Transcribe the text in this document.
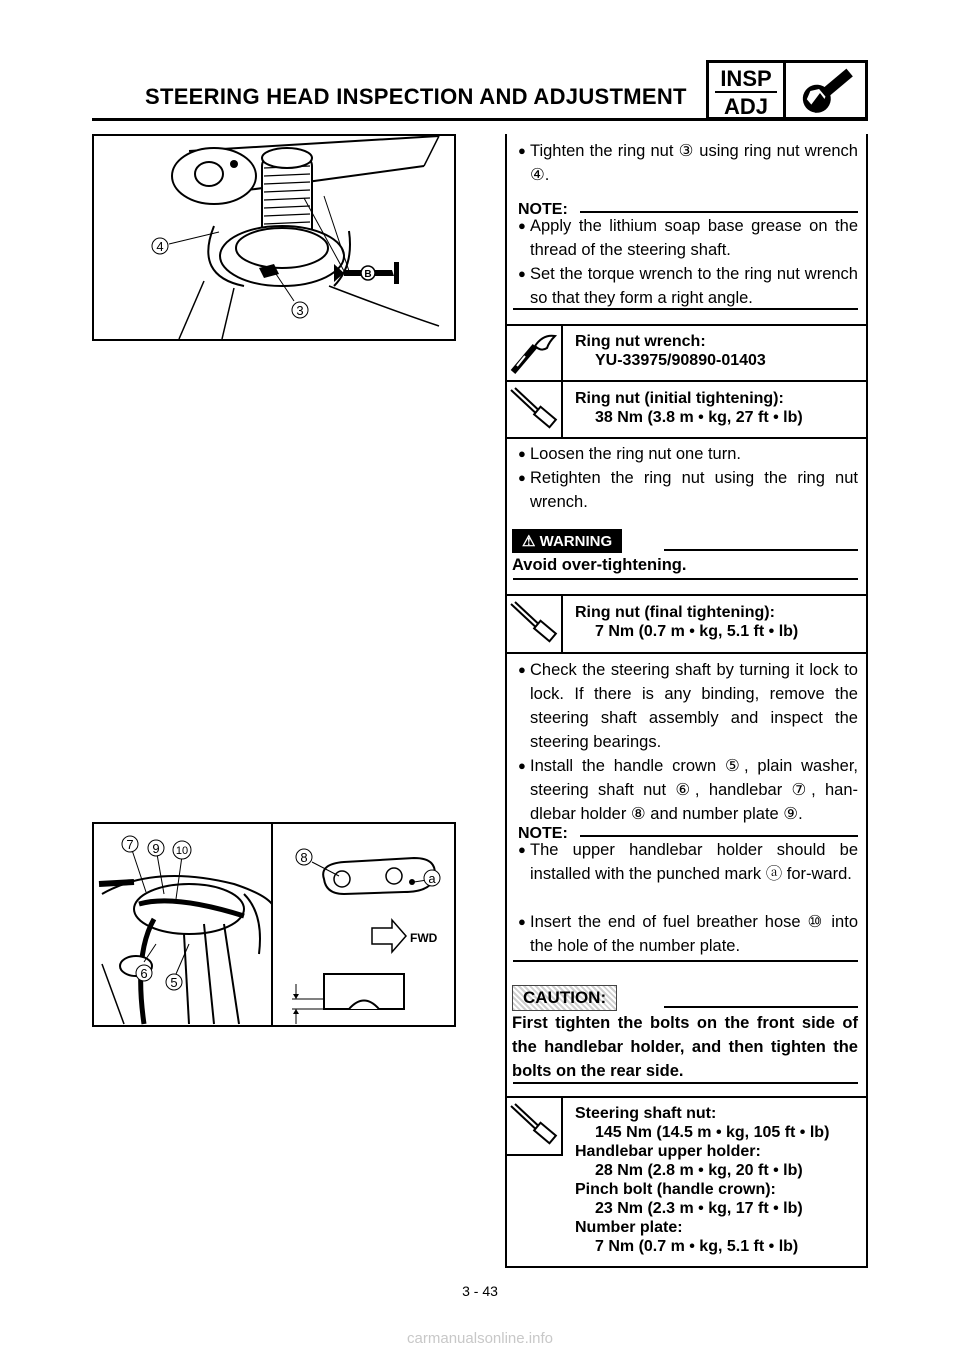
STEERING HEAD INSPECTION AND ADJUSTMENT
INSP
ADJ
B
4
3
7 9 10
6
5
8
a
FWD
● Tighten the ring nut ③ using ring nut wrench ④.
NOTE:
● Apply the lithium soap base grease on the thread of the steering shaft.
● Set the torque wrench to the ring nut wrench so that they form a right angle.
Ring nut wrench:
YU-33975/90890-01403
Ring nut (initial tightening):
38 Nm (3.8 m • kg, 27 ft • lb)
● Loosen the ring nut one turn.
● Retighten the ring nut using the ring nut wrench.
⚠ WARNING
Avoid over-tightening.
Ring nut (final tightening):
7 Nm (0.7 m • kg, 5.1 ft • lb)
● Check the steering shaft by turning it lock to lock. If there is any binding, remove the steering shaft assembly and inspect the steering bearings.
● Install the handle crown ⑤, plain washer, steering shaft nut ⑥, handlebar ⑦, han-dlebar holder ⑧ and number plate ⑨.
NOTE:
● The upper handlebar holder should be installed with the punched mark ⓐ for-ward.
● Insert the end of fuel breather hose ⑩ into the hole of the number plate.
CAUTION:
First tighten the bolts on the front side of the handlebar holder, and then tighten the bolts on the rear side.
Steering shaft nut:
145 Nm (14.5 m • kg, 105 ft • lb)
Handlebar upper holder:
28 Nm (2.8 m • kg, 20 ft • lb)
Pinch bolt (handle crown):
23 Nm (2.3 m • kg, 17 ft • lb)
Number plate:
7 Nm (0.7 m • kg, 5.1 ft • lb)
3 - 43
carmanualsonline.info
